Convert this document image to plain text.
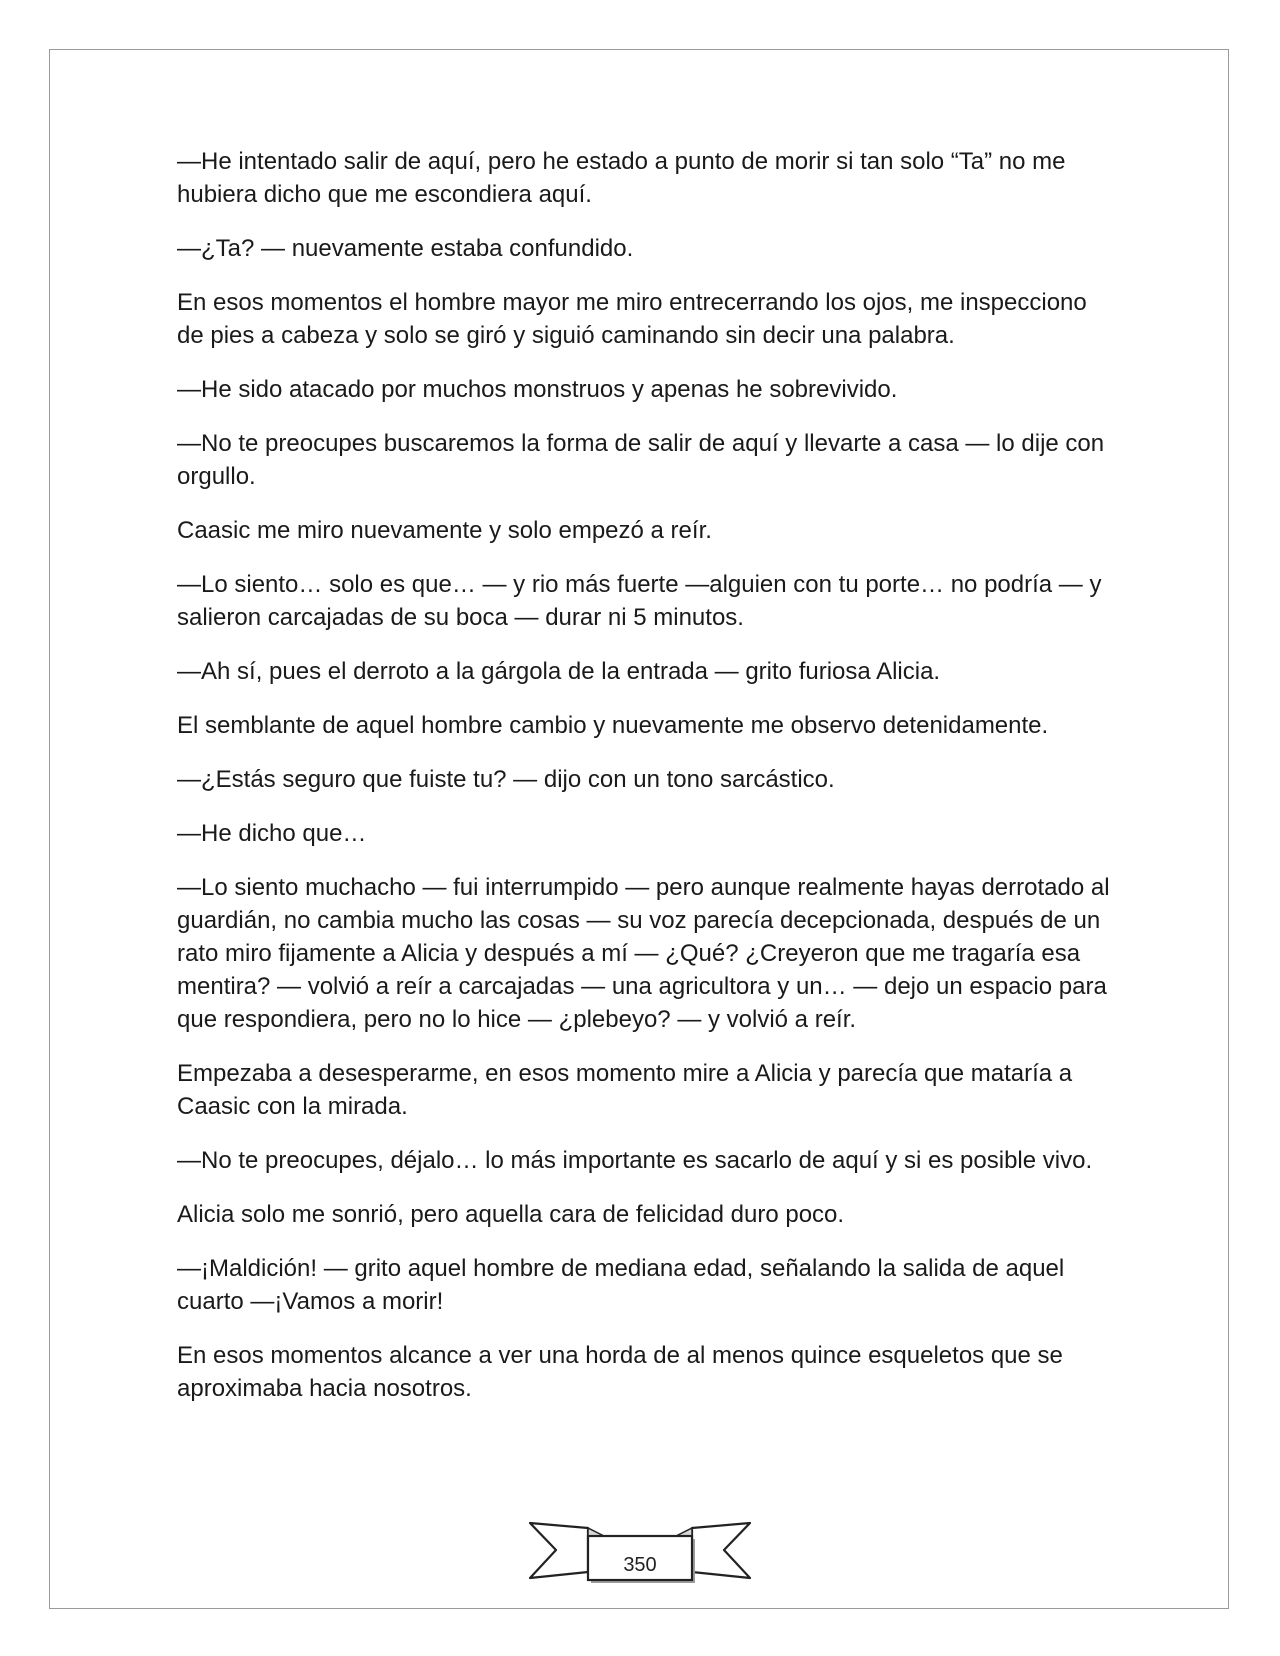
—He intentado salir de aquí, pero he estado a punto de morir si tan solo “Ta” no me hubiera dicho que me escondiera aquí.

—¿Ta? — nuevamente estaba confundido.

En esos momentos el hombre mayor me miro entrecerrando los ojos, me inspecciono de pies a cabeza y solo se giró y siguió caminando sin decir una palabra.

—He sido atacado por muchos monstruos y apenas he sobrevivido.

—No te preocupes buscaremos la forma de salir de aquí y llevarte a casa — lo dije con orgullo.

Caasic me miro nuevamente y solo empezó a reír.

—Lo siento… solo es que… — y rio más fuerte —alguien con tu porte… no podría — y salieron carcajadas de su boca — durar ni 5 minutos.

—Ah sí, pues el derroto a la gárgola de la entrada — grito furiosa Alicia.

El semblante de aquel hombre cambio y nuevamente me observo detenidamente.

—¿Estás seguro que fuiste tu? — dijo con un tono sarcástico.

—He dicho que…

—Lo siento muchacho — fui interrumpido — pero aunque realmente hayas derrotado al guardián, no cambia mucho las cosas — su voz parecía decepcionada, después de un rato miro fijamente a Alicia y después a mí — ¿Qué? ¿Creyeron que me tragaría esa mentira? — volvió a reír a carcajadas — una agricultora y un… — dejo un espacio para que respondiera, pero no lo hice — ¿plebeyo? — y volvió a reír.

Empezaba a desesperarme, en esos momento mire a Alicia y parecía que mataría a Caasic con la mirada.

—No te preocupes, déjalo… lo más importante es sacarlo de aquí y si es posible vivo.

Alicia solo me sonrió, pero aquella cara de felicidad duro poco.

—¡Maldición! — grito aquel hombre de mediana edad, señalando la salida de aquel cuarto —¡Vamos a morir!

En esos momentos alcance a ver una horda de al menos quince esqueletos que se aproximaba hacia nosotros.

350
